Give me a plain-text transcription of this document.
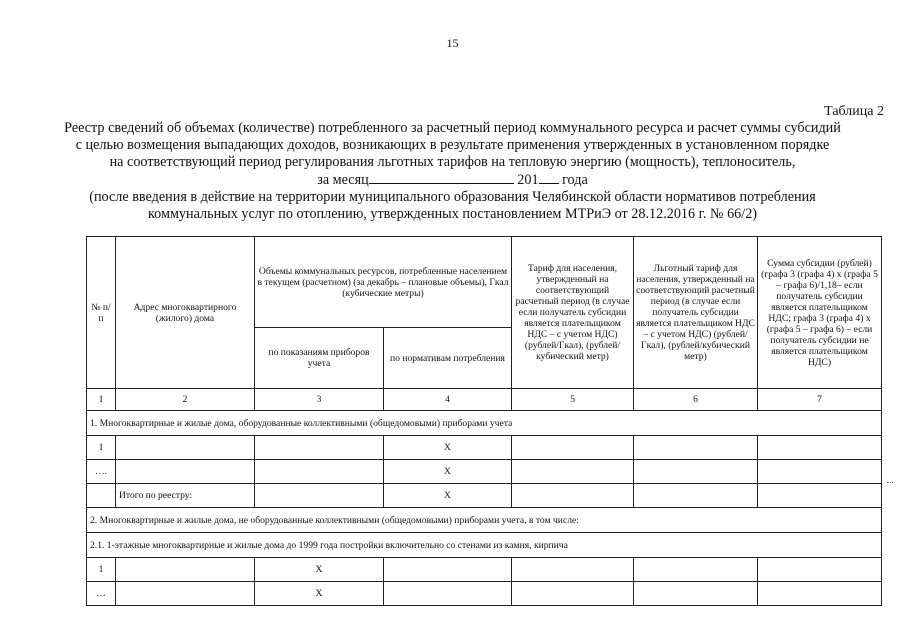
15
Таблица 2
Реестр сведений об объемах (количестве) потребленного за расчетный период коммунального ресурса и расчет суммы субсидий
с целью возмещения выпадающих доходов, возникающих в результате применения утвержденных в установленном порядке
на соответствующий период регулирования льготных тарифов на тепловую энергию (мощность), теплоноситель,
за месяц	201 года
(после введения в действие на территории муниципального образования Челябинской области нормативов потребления
коммунальных услуг по отоплению, утвержденных постановлением МТРиЭ от 28.12.2016 г. № 66/2)
№ п/п	Адрес многоквартирного (жилого) дома	Объемы коммунальных ресурсов, потребленные населением в текущем (расчетном) (за декабрь – плановые объемы), Гкал (кубические метры)		Тариф для населения, утвержденный на соответствующий расчетный период (в случае если получатель субсидии является плательщиком НДС – с учетом НДС) (рублей/Гкал), (рублей/кубический метр)	Льготный тариф для населения, утвержденный на соответствующий расчетный период (в случае если получатель субсидии является плательщиком НДС – с учетом НДС) (рублей/Гкал), (рублей/кубический метр)	Сумма субсидии (рублей) (графа 3 (графа 4) x (графа 5 – графа 6)/1,18– если получатель субсидии является плательщиком НДС; графа 3 (графа 4) x (графа 5 – графа 6) – если получатель субсидии не является плательщиком НДС)
		по показаниям приборов учета	по нормативам потребления			
1	2	3	4	5	6	7
1. Многоквартирные и жилые дома, оборудованные коллективными (общедомовыми) приборами учета						
1			X			
….			X			
	Итого по реестру:		X			
2. Многоквартирные и жилые дома, не оборудованные коллективными (общедомовыми) приборами учета, в том числе:						
2.1. 1-этажные многоквартирные и жилые дома до 1999 года постройки включительно со стенами из камня, кирпича						
1		X				
…		X				
